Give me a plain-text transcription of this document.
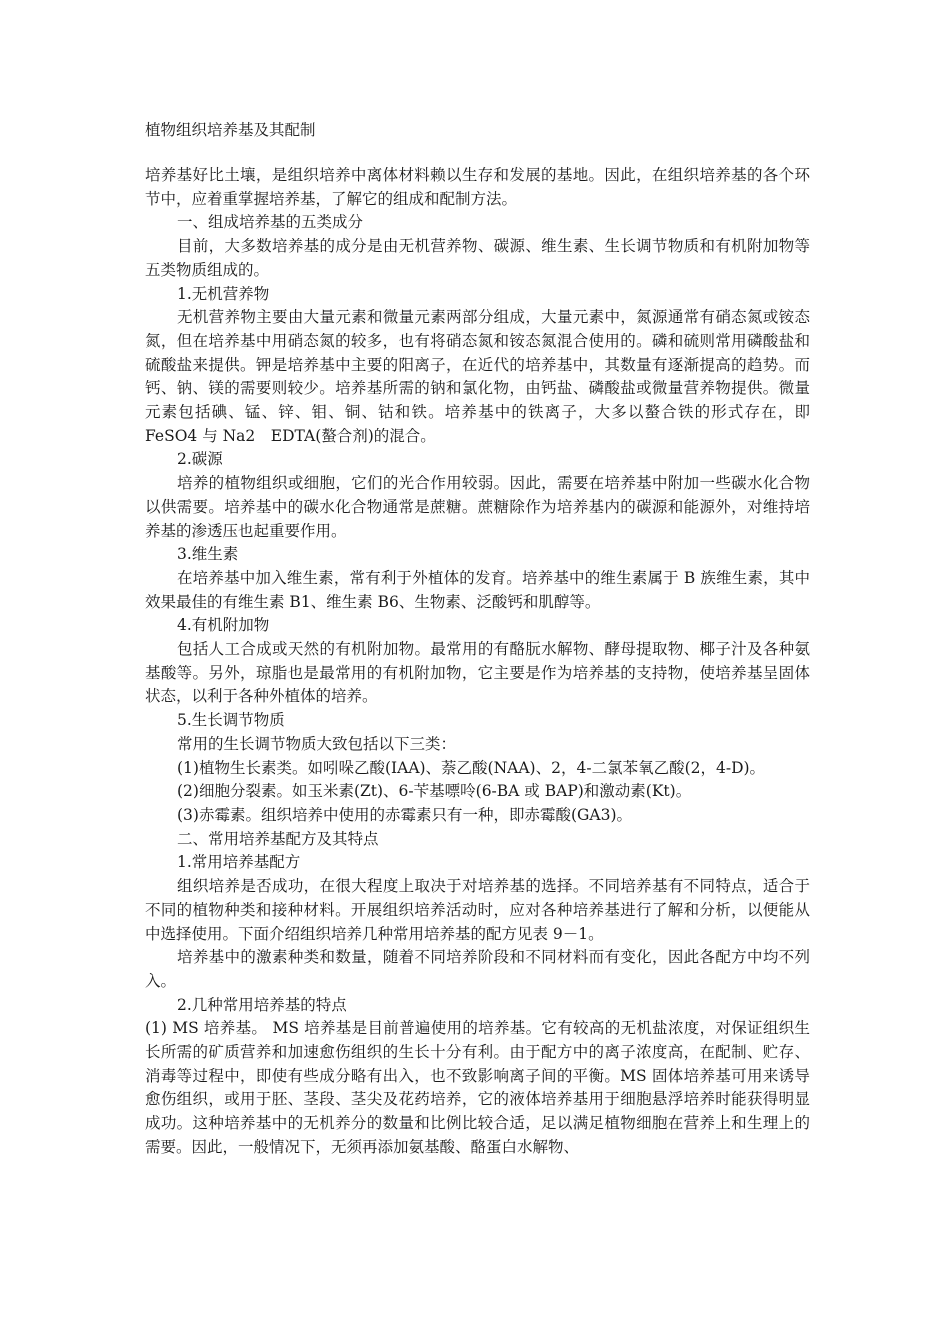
植物组织培养基及其配制

培养基好比土壤，是组织培养中离体材料赖以生存和发展的基地。因此，在组织培养基的各个环节中，应着重掌握培养基，了解它的组成和配制方法。

一、组成培养基的五类成分

目前，大多数培养基的成分是由无机营养物、碳源、维生素、生长调节物质和有机附加物等五类物质组成的。

1.无机营养物

无机营养物主要由大量元素和微量元素两部分组成，大量元素中，氮源通常有硝态氮或铵态氮，但在培养基中用硝态氮的较多，也有将硝态氮和铵态氮混合使用的。磷和硫则常用磷酸盐和硫酸盐来提供。钾是培养基中主要的阳离子，在近代的培养基中，其数量有逐渐提高的趋势。而钙、钠、镁的需要则较少。培养基所需的钠和氯化物，由钙盐、磷酸盐或微量营养物提供。微量元素包括碘、锰、锌、钼、铜、钴和铁。培养基中的铁离子，大多以螯合铁的形式存在，即 FeSO4 与 Na2　EDTA(螯合剂)的混合。

2.碳源

培养的植物组织或细胞，它们的光合作用较弱。因此，需要在培养基中附加一些碳水化合物以供需要。培养基中的碳水化合物通常是蔗糖。蔗糖除作为培养基内的碳源和能源外，对维持培养基的渗透压也起重要作用。

3.维生素

在培养基中加入维生素，常有利于外植体的发育。培养基中的维生素属于 B 族维生素，其中效果最佳的有维生素 B1、维生素 B6、生物素、泛酸钙和肌醇等。

4.有机附加物

包括人工合成或天然的有机附加物。最常用的有酪朊水解物、酵母提取物、椰子汁及各种氨基酸等。另外，琼脂也是最常用的有机附加物，它主要是作为培养基的支持物，使培养基呈固体状态，以利于各种外植体的培养。

5.生长调节物质

常用的生长调节物质大致包括以下三类：

(1)植物生长素类。如吲哚乙酸(IAA)、萘乙酸(NAA)、2，4-二氯苯氧乙酸(2，4-D)。

(2)细胞分裂素。如玉米素(Zt)、6-苄基嘌呤(6-BA 或 BAP)和激动素(Kt)。

(3)赤霉素。组织培养中使用的赤霉素只有一种，即赤霉酸(GA3)。

二、常用培养基配方及其特点

1.常用培养基配方

组织培养是否成功，在很大程度上取决于对培养基的选择。不同培养基有不同特点，适合于不同的植物种类和接种材料。开展组织培养活动时，应对各种培养基进行了解和分析，以便能从中选择使用。下面介绍组织培养几种常用培养基的配方见表 9－1。

培养基中的激素种类和数量，随着不同培养阶段和不同材料而有变化，因此各配方中均不列入。

2.几种常用培养基的特点

(1) MS 培养基。 MS 培养基是目前普遍使用的培养基。它有较高的无机盐浓度，对保证组织生长所需的矿质营养和加速愈伤组织的生长十分有利。由于配方中的离子浓度高，在配制、贮存、消毒等过程中，即使有些成分略有出入，也不致影响离子间的平衡。MS 固体培养基可用来诱导愈伤组织，或用于胚、茎段、茎尖及花药培养，它的液体培养基用于细胞悬浮培养时能获得明显成功。这种培养基中的无机养分的数量和比例比较合适，足以满足植物细胞在营养上和生理上的需要。因此，一般情况下，无须再添加氨基酸、酪蛋白水解物、
